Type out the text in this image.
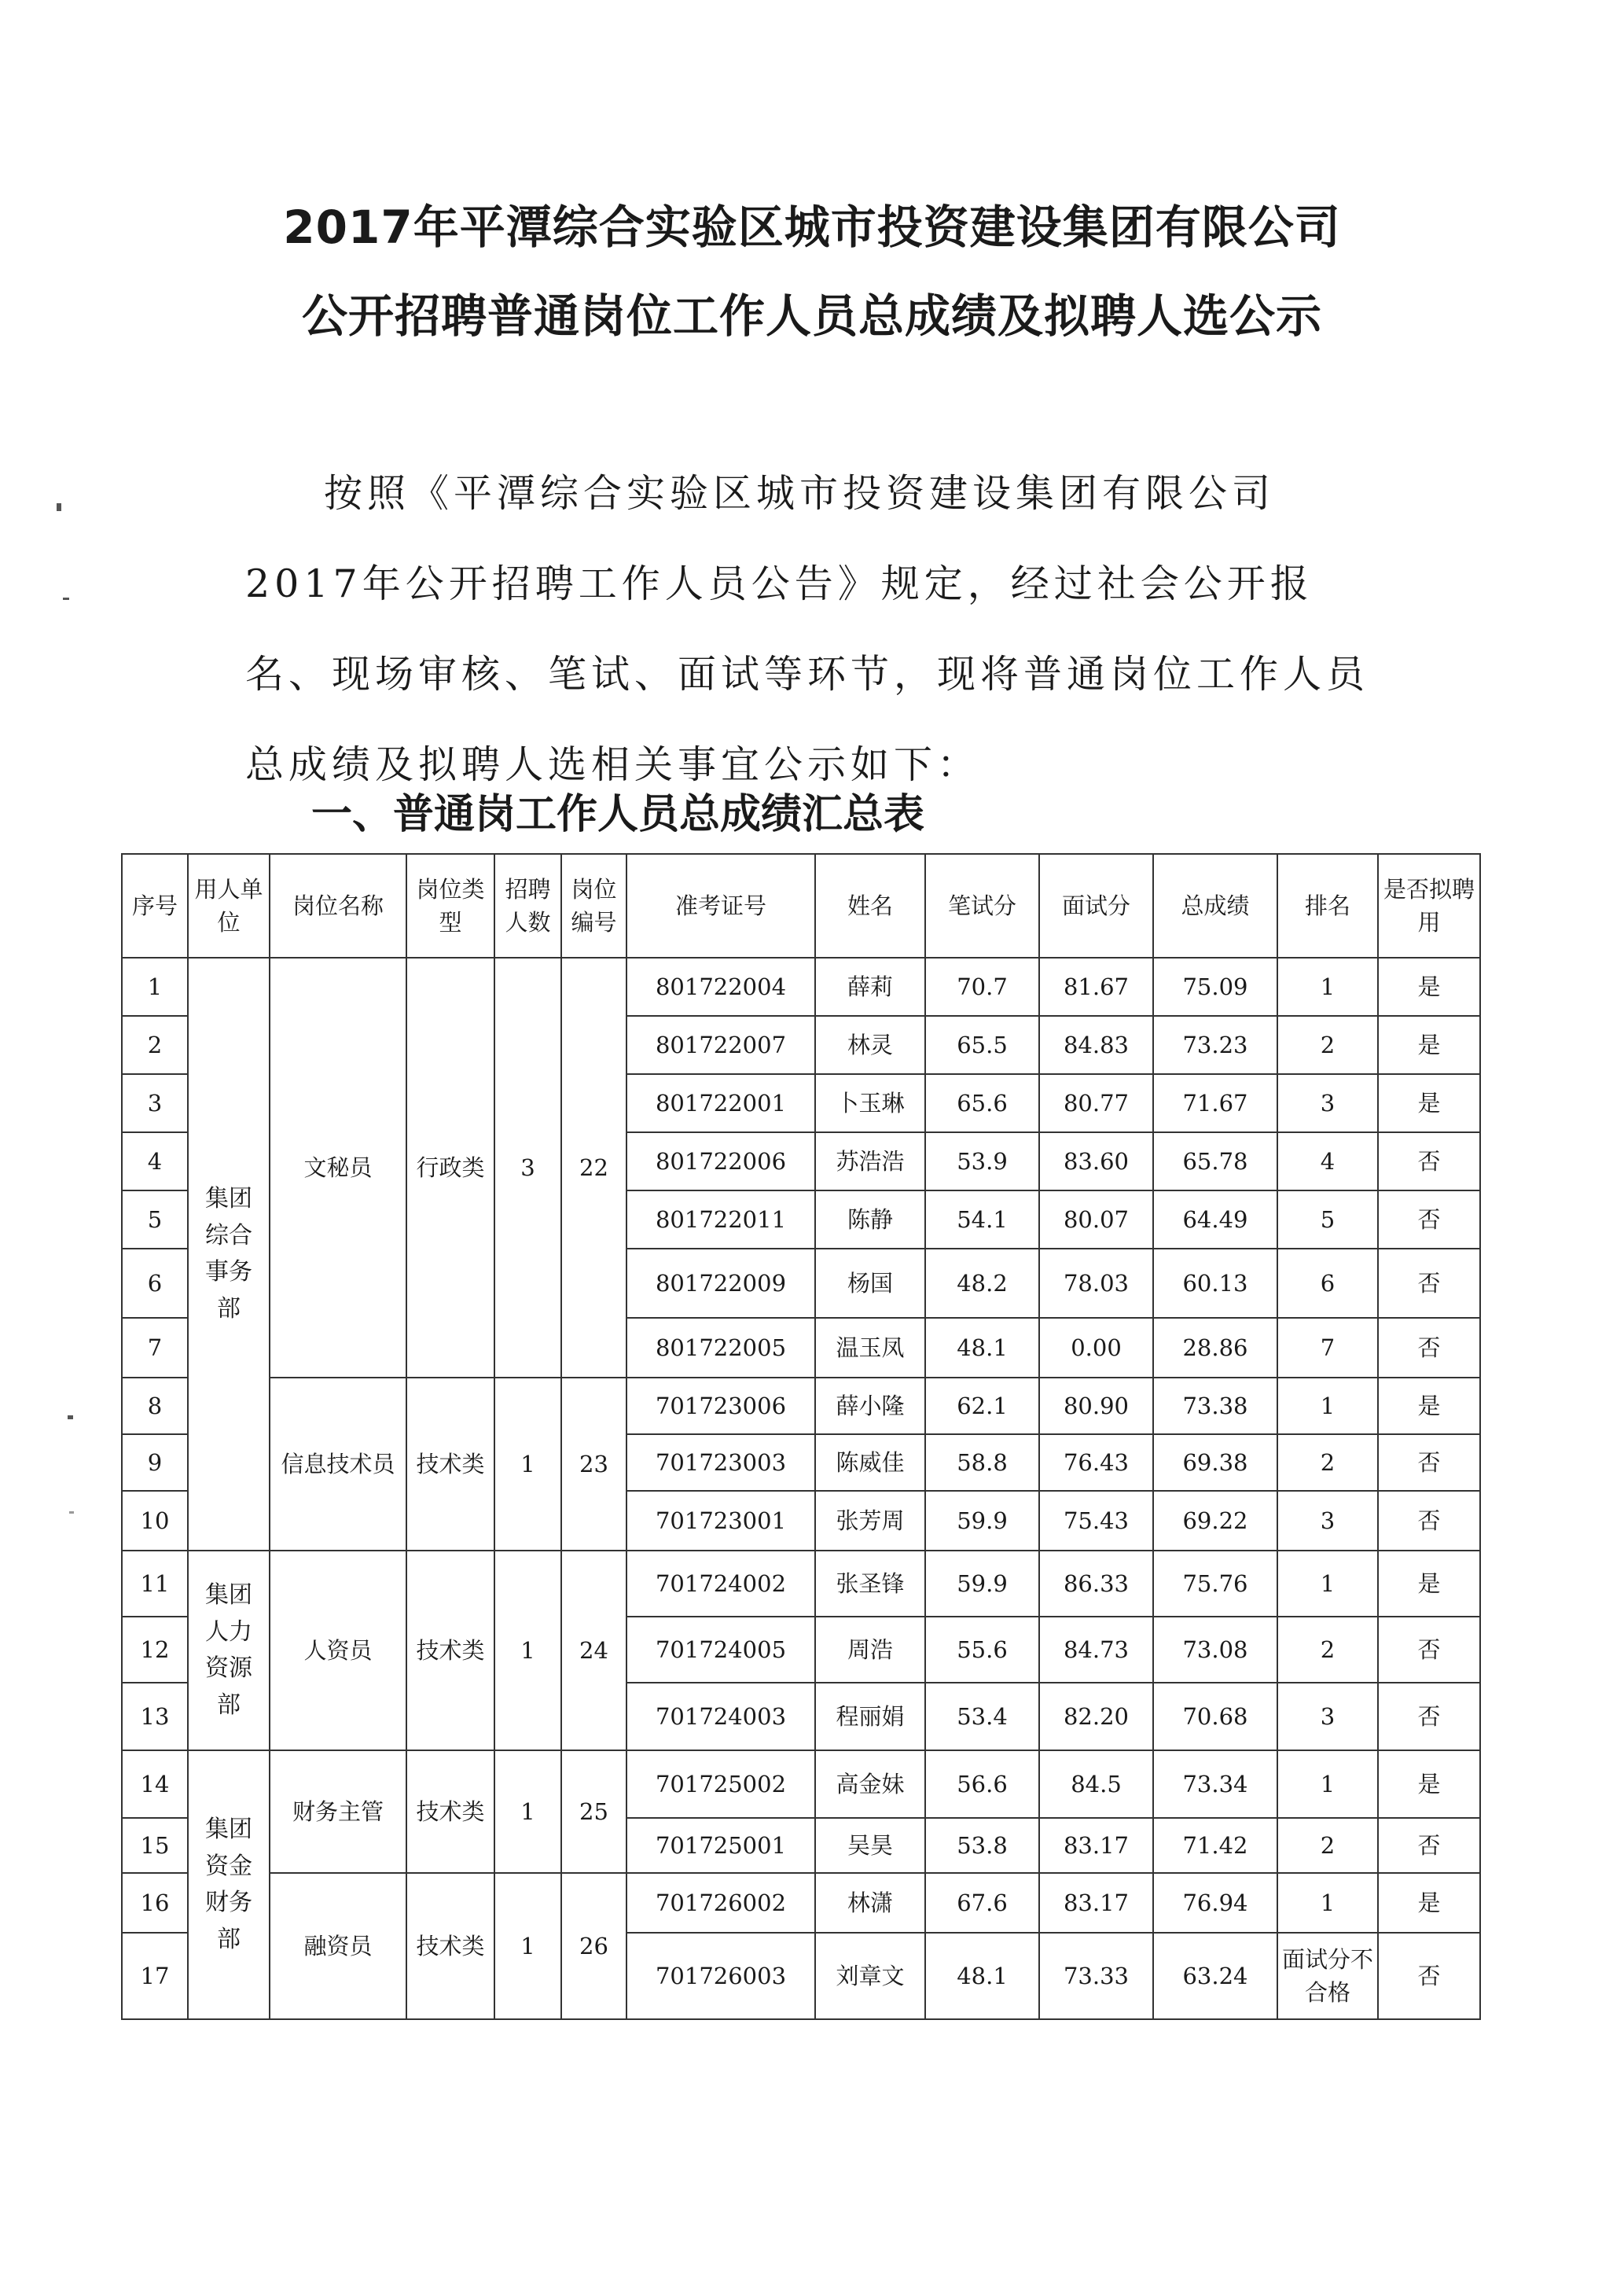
2017年平潭综合实验区城市投资建设集团有限公司
公开招聘普通岗位工作人员总成绩及拟聘人选公示

按照《平潭综合实验区城市投资建设集团有限公司2017年公开招聘工作人员公告》规定，经过社会公开报名、现场审核、笔试、面试等环节，现将普通岗位工作人员总成绩及拟聘人选相关事宜公示如下：

一、普通岗工作人员总成绩汇总表
序号	用人单位	岗位名称	岗位类型	招聘人数	岗位编号	准考证号	姓名	笔试分	面试分	总成绩	排名	是否拟聘用
1	集团综合事务部	文秘员	行政类	3	22	801722004	薛莉	70.7	81.67	75.09	1	是
2						801722007	林灵	65.5	84.83	73.23	2	是
3						801722001	卜玉琳	65.6	80.77	71.67	3	是
4						801722006	苏浩浩	53.9	83.60	65.78	4	否
5						801722011	陈静	54.1	80.07	64.49	5	否
6						801722009	杨国	48.2	78.03	60.13	6	否
7						801722005	温玉凤	48.1	0.00	28.86	7	否
8		信息技术员	技术类	1	23	701723006	薛小隆	62.1	80.90	73.38	1	是
9						701723003	陈威佳	58.8	76.43	69.38	2	否
10						701723001	张芳周	59.9	75.43	69.22	3	否
11	集团人力资源部	人资员	技术类	1	24	701724002	张圣锋	59.9	86.33	75.76	1	是
12						701724005	周浩	55.6	84.73	73.08	2	否
13						701724003	程丽娟	53.4	82.20	70.68	3	否
14	集团资金财务部	财务主管	技术类	1	25	701725002	高金妹	56.6	84.5	73.34	1	是
15						701725001	吴昊	53.8	83.17	71.42	2	否
16		融资员	技术类	1	26	701726002	林潇	67.6	83.17	76.94	1	是
17						701726003	刘章文	48.1	73.33	63.24	面试分不合格	否
